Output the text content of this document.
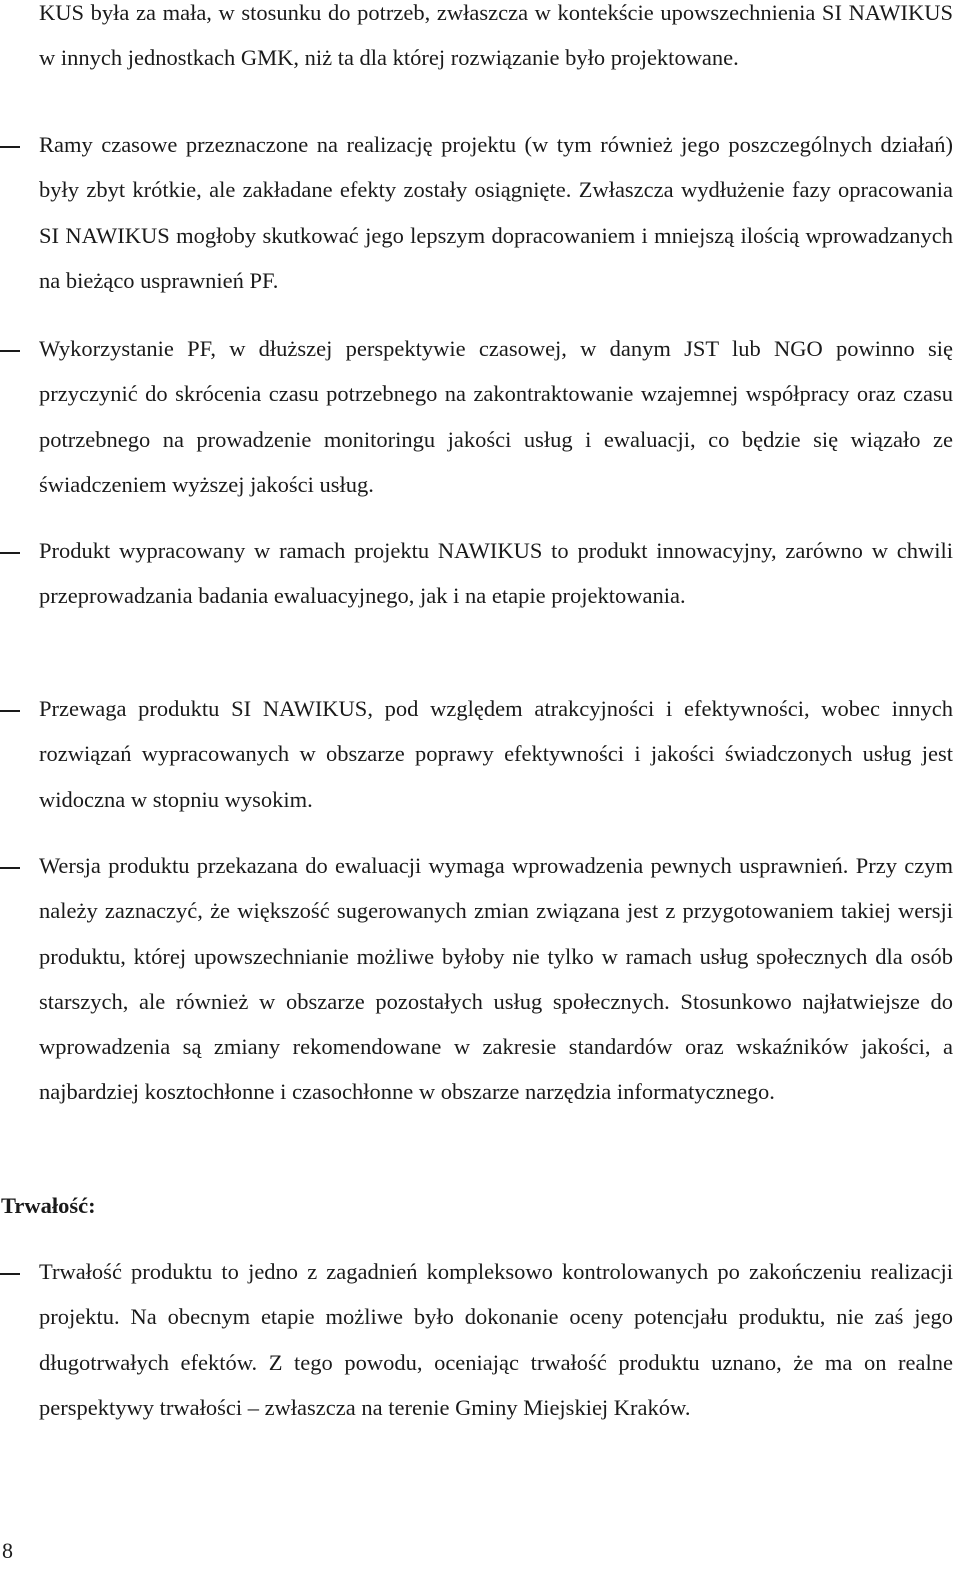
KUS była za mała, w stosunku do potrzeb, zwłaszcza w kontekście upowszechnienia SI NAWIKUS w innych jednostkach GMK, niż ta dla której rozwiązanie było projektowane.
Ramy czasowe przeznaczone na realizację projektu (w tym również jego poszczególnych działań) były zbyt krótkie, ale zakładane efekty zostały osiągnięte. Zwłaszcza wydłużenie fazy opracowania SI NAWIKUS mogłoby skutkować jego lepszym dopracowaniem i mniejszą ilością wprowadzanych na bieżąco usprawnień PF.
Wykorzystanie PF, w dłuższej perspektywie czasowej, w danym JST lub NGO powinno się przyczynić do skrócenia czasu potrzebnego na zakontraktowanie wzajemnej współpracy oraz czasu potrzebnego na prowadzenie monitoringu jakości usług i ewaluacji, co będzie się wiązało ze świadczeniem wyższej jakości usług.
Produkt wypracowany w ramach projektu NAWIKUS to produkt innowacyjny, zarówno w chwili przeprowadzania badania ewaluacyjnego, jak i na etapie projektowania.
Przewaga produktu SI NAWIKUS, pod względem atrakcyjności i efektywności, wobec innych rozwiązań wypracowanych w obszarze poprawy efektywności i jakości świadczonych usług jest widoczna w stopniu wysokim.
Wersja produktu przekazana do ewaluacji wymaga wprowadzenia pewnych usprawnień. Przy czym należy zaznaczyć, że większość sugerowanych zmian związana jest z przygotowaniem takiej wersji produktu, której upowszechnianie możliwe byłoby nie tylko w ramach usług społecznych dla osób starszych, ale również w obszarze pozostałych usług społecznych. Stosunkowo najłatwiejsze do wprowadzenia są zmiany rekomendowane w zakresie standardów oraz wskaźników jakości, a najbardziej kosztochłonne i czasochłonne w obszarze narzędzia informatycznego.
Trwałość:
Trwałość produktu to jedno z zagadnień kompleksowo kontrolowanych po zakończeniu realizacji projektu. Na obecnym etapie możliwe było dokonanie oceny potencjału produktu, nie zaś jego długotrwałych efektów. Z tego powodu, oceniając trwałość produktu uznano, że ma on realne perspektywy trwałości – zwłaszcza na terenie Gminy Miejskiej Kraków.
8
